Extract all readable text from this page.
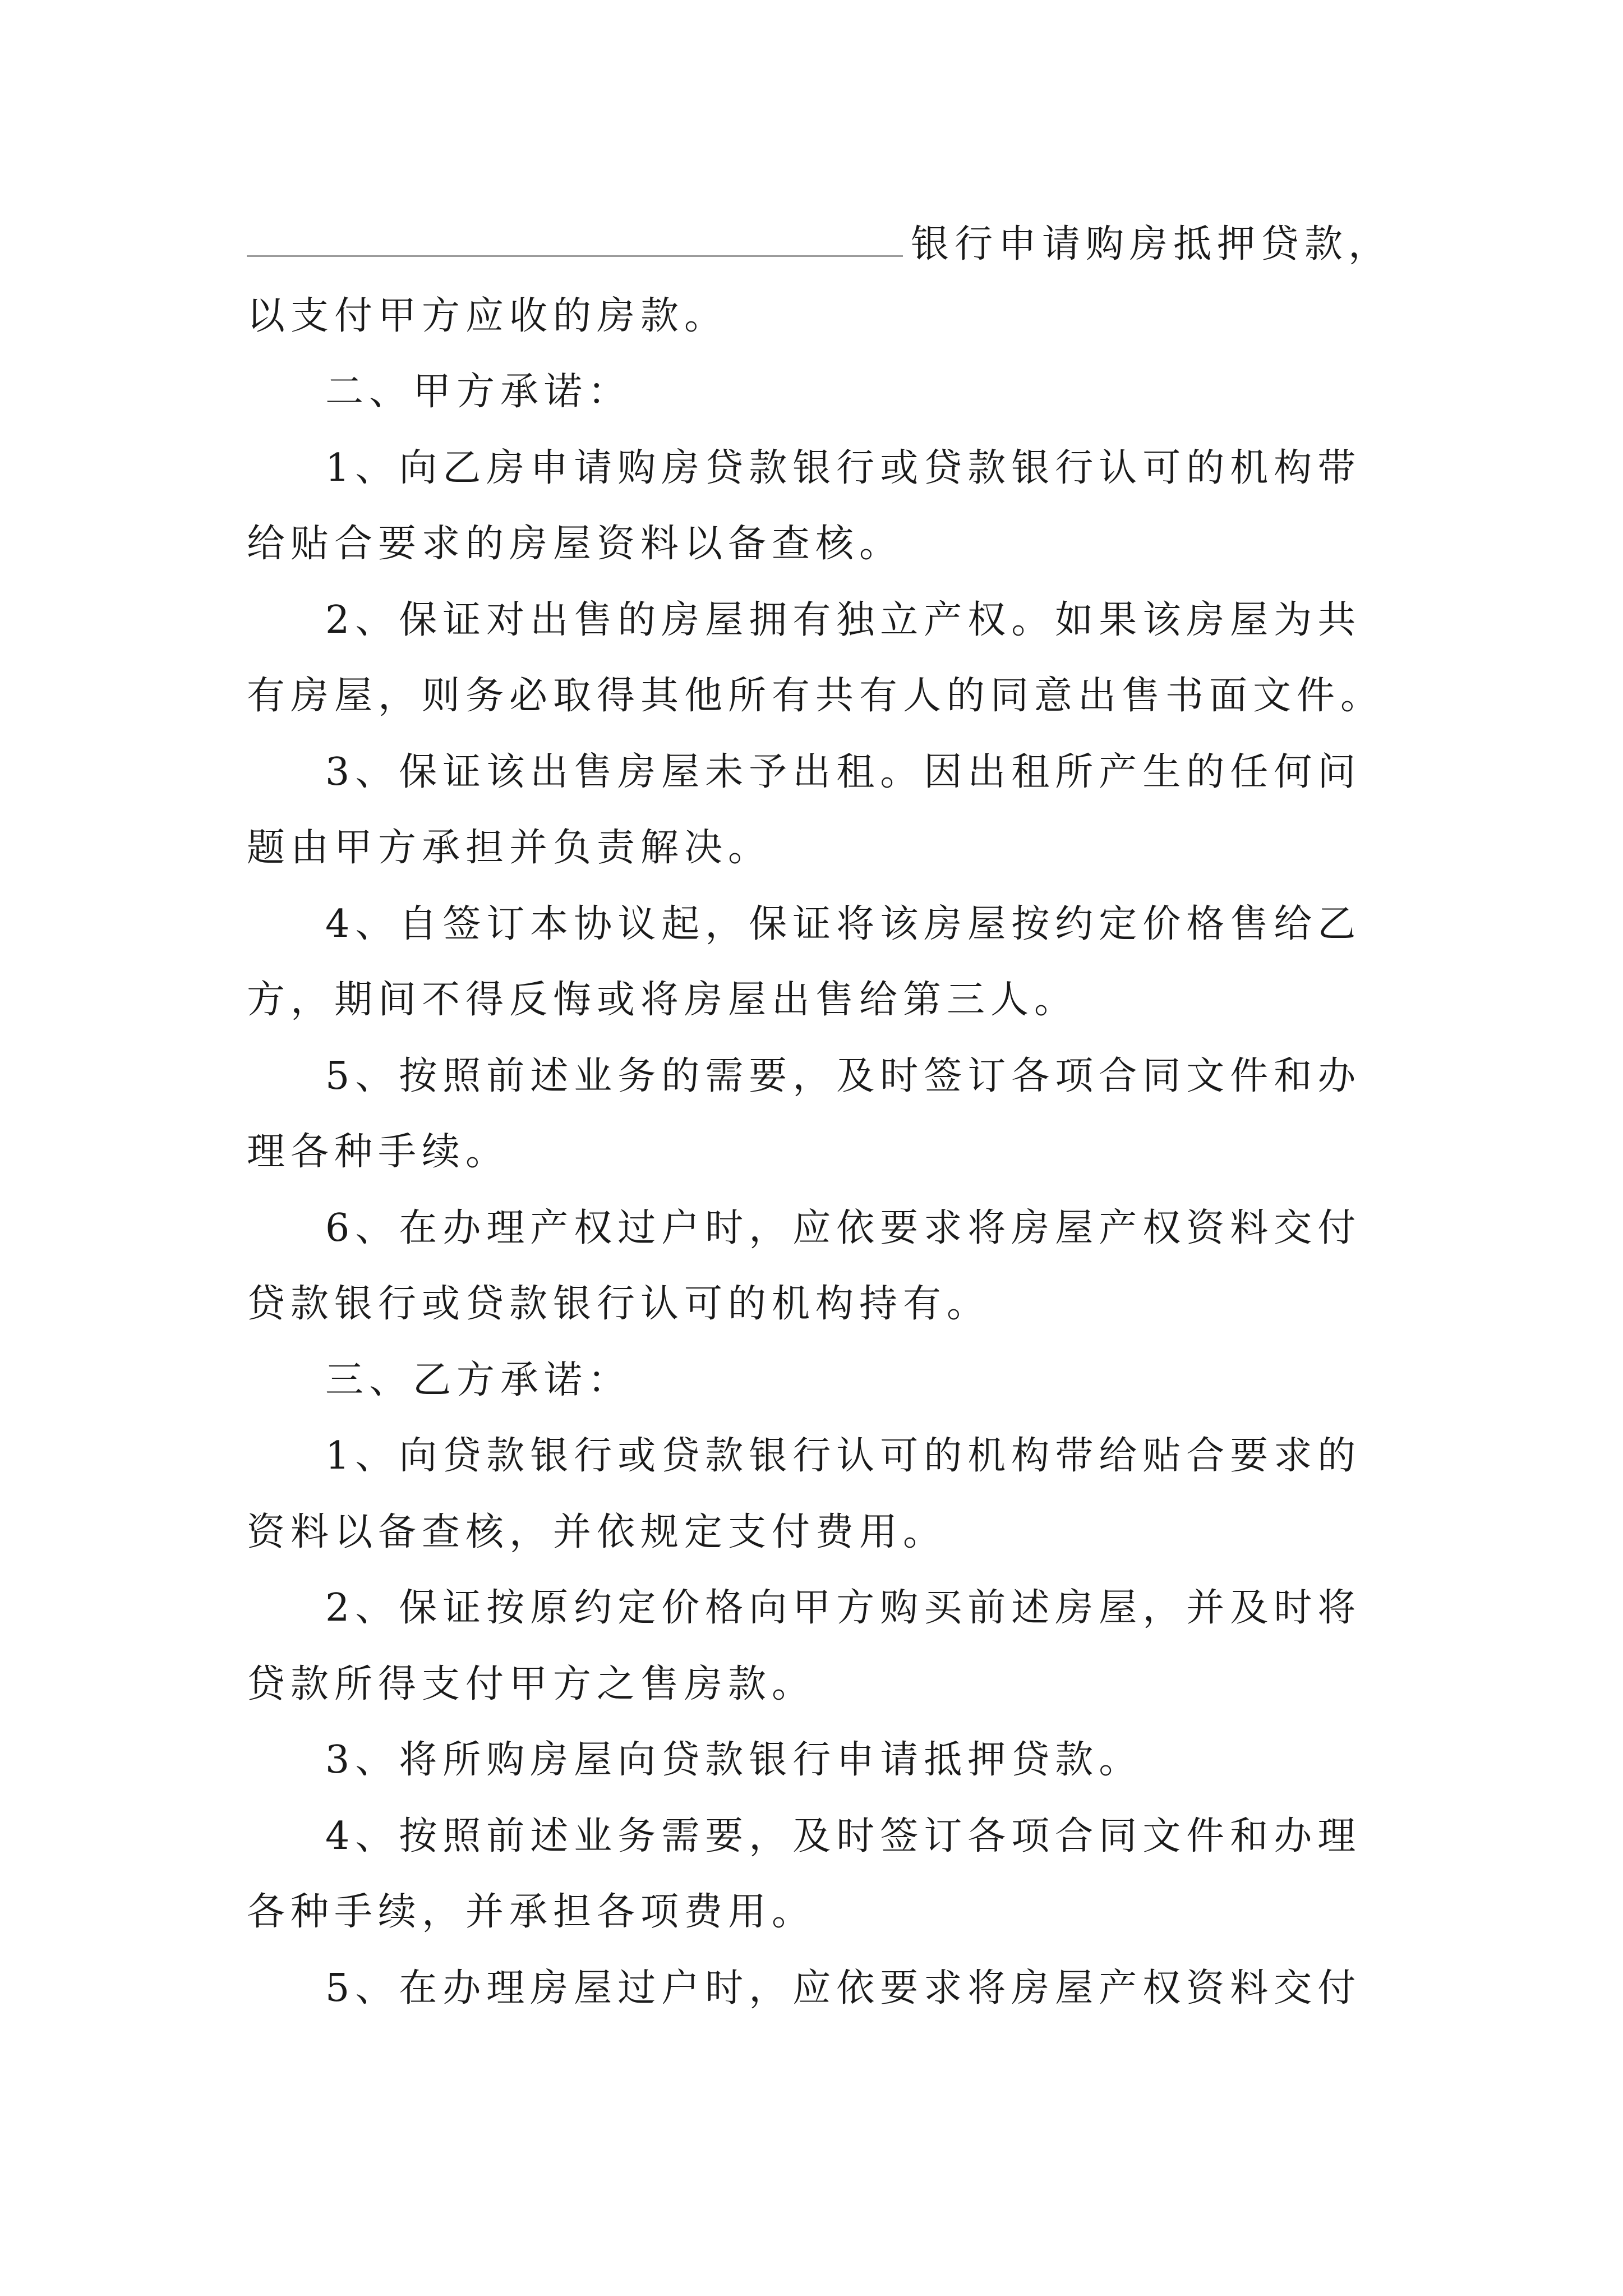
银行申请购房抵押贷款，
以支付甲方应收的房款。
二、甲方承诺：
1、向乙房申请购房贷款银行或贷款银行认可的机构带
给贴合要求的房屋资料以备查核。
2、保证对出售的房屋拥有独立产权。如果该房屋为共
有房屋，则务必取得其他所有共有人的同意出售书面文件。
3、保证该出售房屋未予出租。因出租所产生的任何问
题由甲方承担并负责解决。
4、自签订本协议起，保证将该房屋按约定价格售给乙
方，期间不得反悔或将房屋出售给第三人。
5、按照前述业务的需要，及时签订各项合同文件和办
理各种手续。
6、在办理产权过户时，应依要求将房屋产权资料交付
贷款银行或贷款银行认可的机构持有。
三、乙方承诺：
1、向贷款银行或贷款银行认可的机构带给贴合要求的
资料以备查核，并依规定支付费用。
2、保证按原约定价格向甲方购买前述房屋，并及时将
贷款所得支付甲方之售房款。
3、将所购房屋向贷款银行申请抵押贷款。
4、按照前述业务需要，及时签订各项合同文件和办理
各种手续，并承担各项费用。
5、在办理房屋过户时，应依要求将房屋产权资料交付
